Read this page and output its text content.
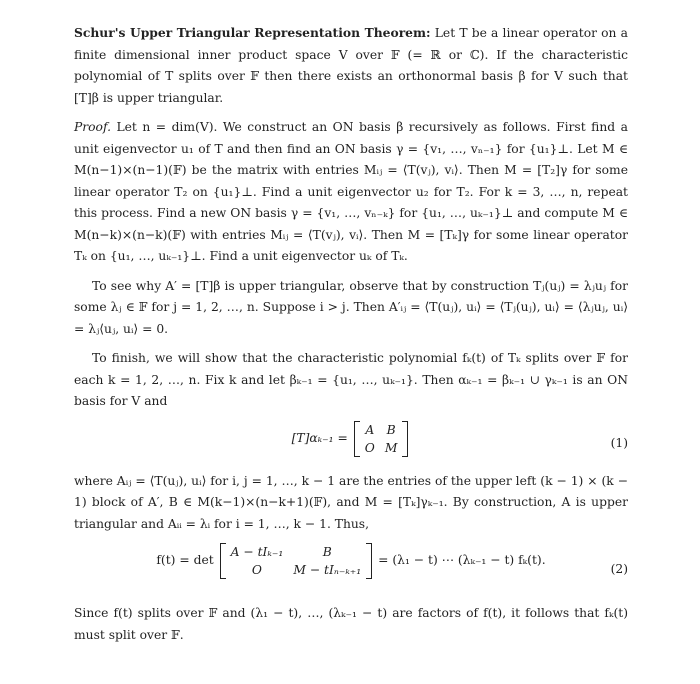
Schur's Upper Triangular Representation Theorem: Let T be a linear operator on a finite dimensional inner product space V over 𝔽 (= ℝ or ℂ). If the characteristic polynomial of T splits over 𝔽 then there exists an orthonormal basis β for V such that [T]β is upper triangular.

Proof. Let n = dim(V). We construct an ON basis β recursively as follows. First find a unit eigenvector u₁ of T and then find an ON basis γ = {v₁, …, vₙ₋₁} for {u₁}⊥. Let M ∈ M(n−1)×(n−1)(𝔽) be the matrix with entries Mᵢⱼ = ⟨T(vⱼ), vᵢ⟩. Then M = [T₂]γ for some linear operator T₂ on {u₁}⊥. Find a unit eigenvector u₂ for T₂. For k = 3, …, n, repeat this process. Find a new ON basis γ = {v₁, …, vₙ₋ₖ} for {u₁, …, uₖ₋₁}⊥ and compute M ∈ M(n−k)×(n−k)(𝔽) with entries Mᵢⱼ = ⟨T(vⱼ), vᵢ⟩. Then M = [Tₖ]γ for some linear operator Tₖ on {u₁, …, uₖ₋₁}⊥. Find a unit eigenvector uₖ of Tₖ.

To see why A′ = [T]β is upper triangular, observe that by construction Tⱼ(uⱼ) = λⱼuⱼ for some λⱼ ∈ 𝔽 for j = 1, 2, …, n. Suppose i > j. Then A′ᵢⱼ = ⟨T(uⱼ), uᵢ⟩ = ⟨Tⱼ(uⱼ), uᵢ⟩ = ⟨λⱼuⱼ, uᵢ⟩ = λⱼ⟨uⱼ, uᵢ⟩ = 0.

To finish, we will show that the characteristic polynomial fₖ(t) of Tₖ splits over 𝔽 for each k = 1, 2, …, n. Fix k and let βₖ₋₁ = {u₁, …, uₖ₋₁}. Then αₖ₋₁ = βₖ₋₁ ∪ γₖ₋₁ is an ON basis for V and

[T]αₖ₋₁ =
A	B
O	M	(1)

where Aᵢⱼ = ⟨T(uⱼ), uᵢ⟩ for i, j = 1, …, k − 1 are the entries of the upper left (k − 1) × (k − 1) block of A′, B ∈ M(k−1)×(n−k+1)(𝔽), and M = [Tₖ]γₖ₋₁. By construction, A is upper triangular and Aᵢᵢ = λᵢ for i = 1, …, k − 1. Thus,

f(t) = det
A − tIₖ₋₁	B
O	M − tIₙ₋ₖ₊₁
= (λ₁ − t) ⋯ (λₖ₋₁ − t) fₖ(t).
(2)

Since f(t) splits over 𝔽 and (λ₁ − t), …, (λₖ₋₁ − t) are factors of f(t), it follows that fₖ(t) must split over 𝔽.
